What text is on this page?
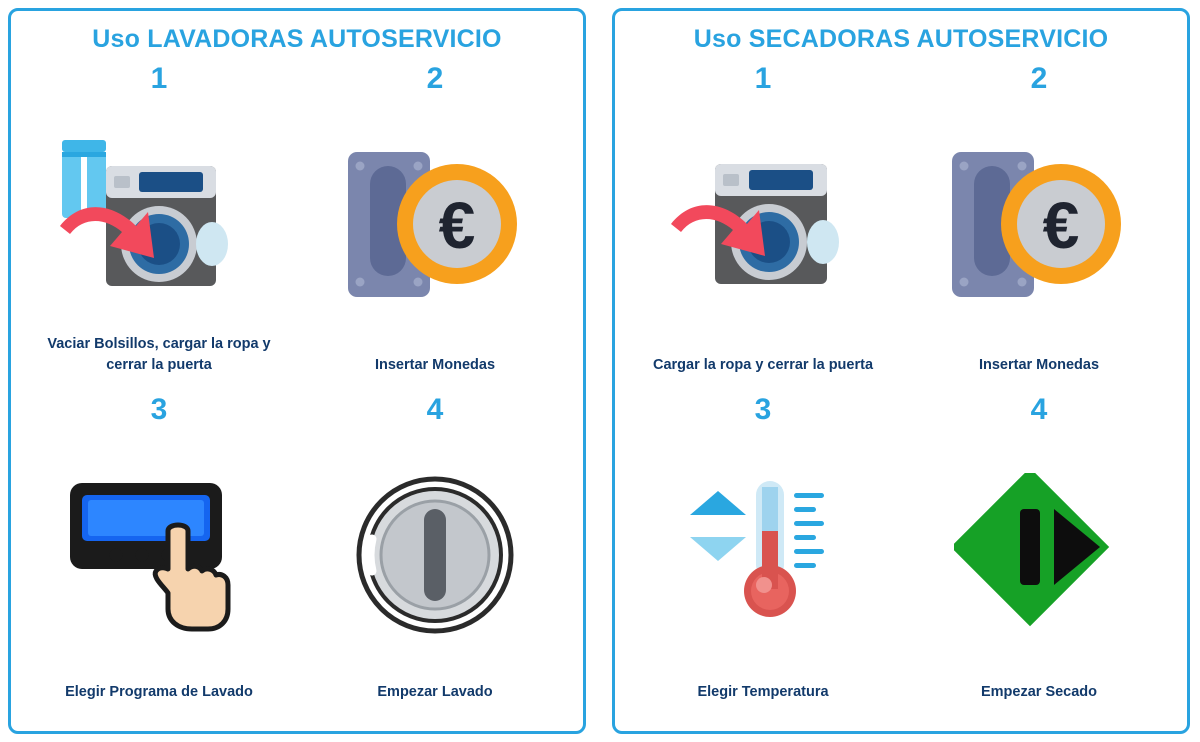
Uso LAVADORAS AUTOSERVICIO
1
Vaciar Bolsillos, cargar la ropa y cerrar la puerta
2
€
Insertar Monedas
3
Elegir Programa de Lavado
4
Empezar Lavado
Uso SECADORAS AUTOSERVICIO
1
Cargar la ropa y cerrar la puerta
2
€
Insertar Monedas
3
Elegir Temperatura
4
Empezar Secado
